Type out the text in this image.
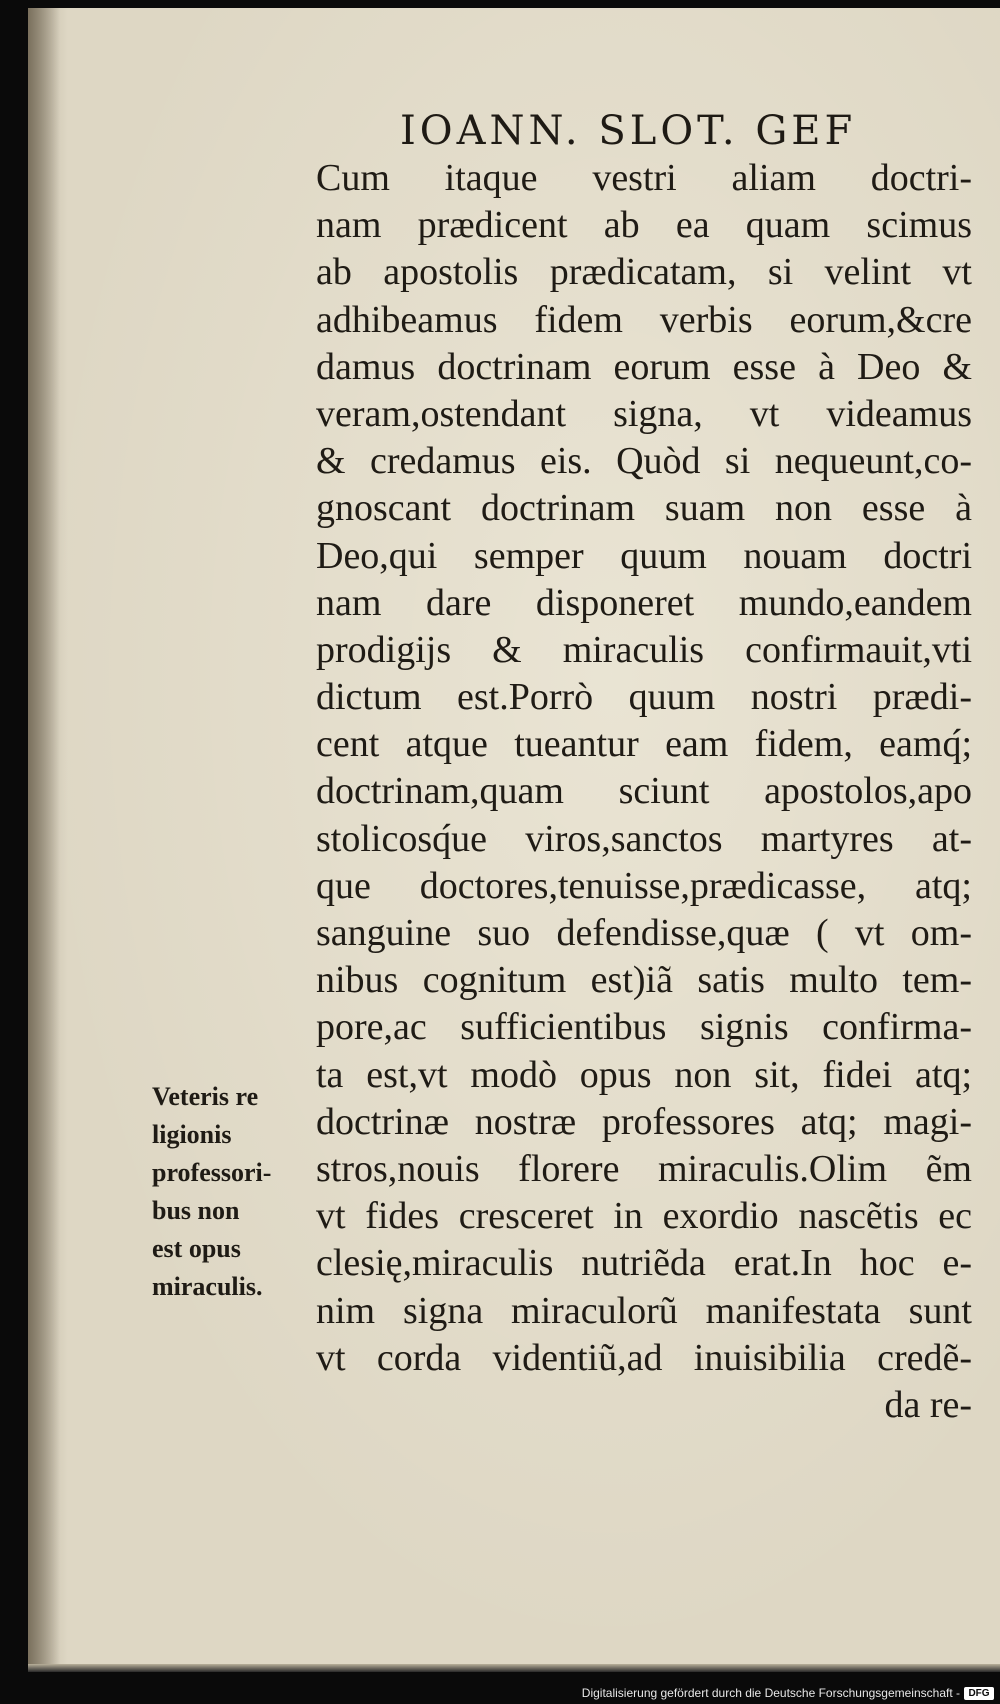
IOANN. SLOT. GEF
Cum itaque vestri aliam doctri-
nam prædicent ab ea quam scimus
ab apostolis prædicatam, si velint vt
adhibeamus fidem verbis eorum,&cre
damus doctrinam eorum esse à Deo &
veram,ostendant signa, vt videamus
& credamus eis. Quòd si nequeunt,co-
gnoscant doctrinam suam non esse à
Deo,qui semper quum nouam doctri
nam dare disponeret mundo,eandem
prodigijs & miraculis confirmauit,vti
dictum est.Porrò quum nostri prædi-
cent atque tueantur eam fidem, eamq́;
doctrinam,quam sciunt apostolos,apo
stolicosq́ue viros,sanctos martyres at-
que doctores,tenuisse,prædicasse, atq;
sanguine suo defendisse,quæ ( vt om-
nibus cognitum est)iã satis multo tem-
pore,ac sufficientibus signis confirma-
ta est,vt modò opus non sit, fidei atq;
doctrinæ nostræ professores atq; magi-
stros,nouis florere miraculis.Olim ẽm
vt fides cresceret in exordio nascẽtis ec
clesię,miraculis nutriẽda erat.In hoc e-
nim signa miraculorũ manifestata sunt
vt corda videntiũ,ad inuisibilia credẽ-
da re-
Veteris re
ligionis
professori-
bus non
est opus
miraculis.
Digitalisierung gefördert durch die Deutsche Forschungsgemeinschaft - DFG
